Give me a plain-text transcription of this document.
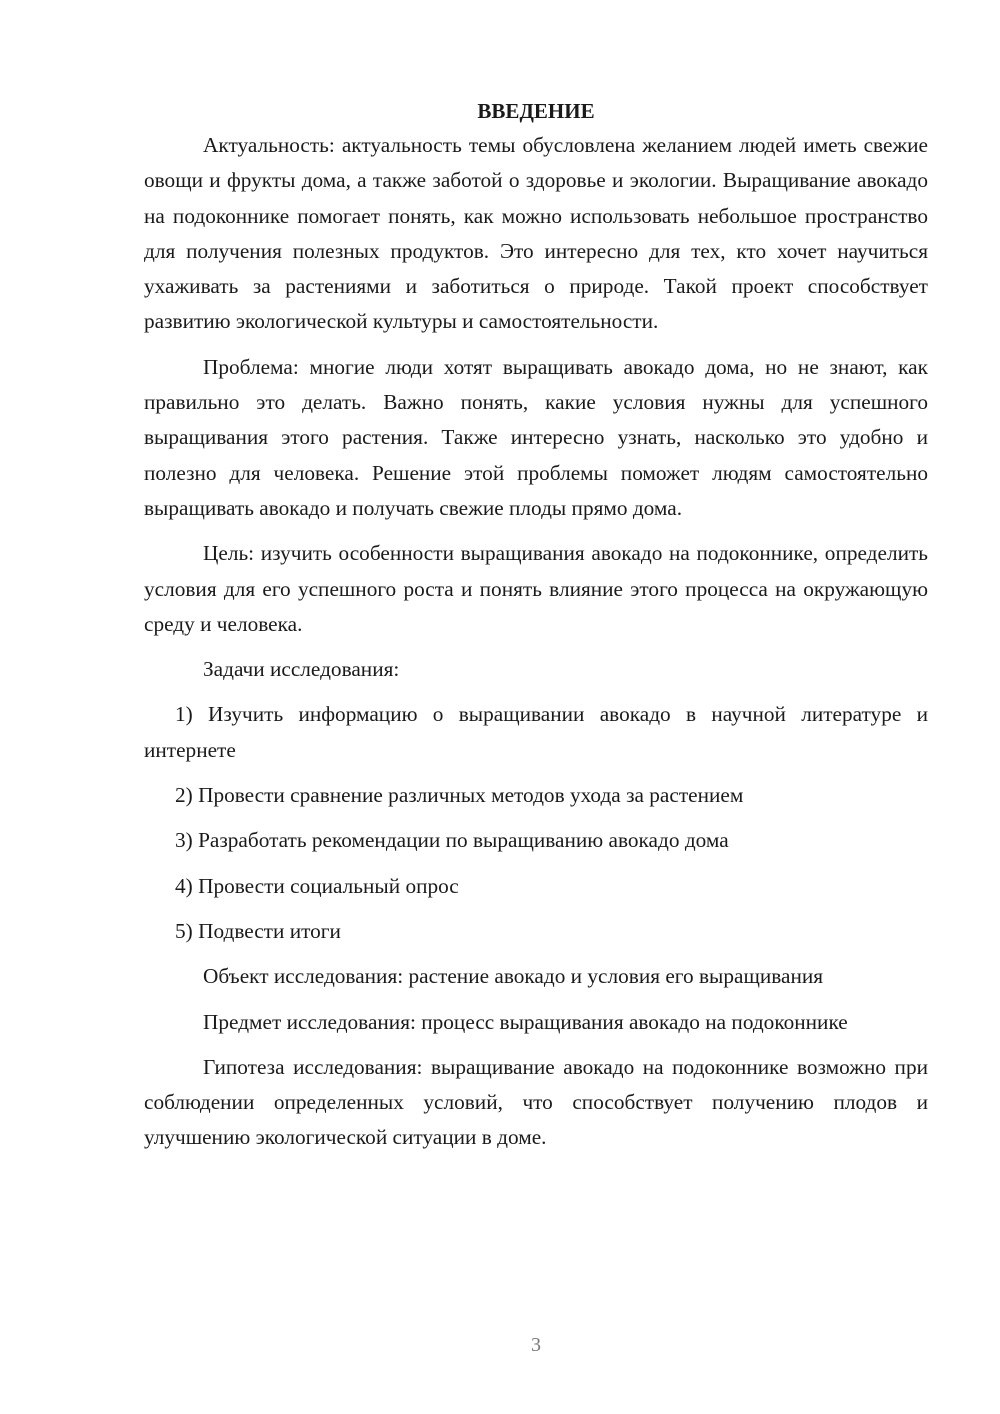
ВВЕДЕНИЕ

Актуальность: актуальность темы обусловлена желанием людей иметь свежие овощи и фрукты дома, а также заботой о здоровье и экологии. Выращивание авокадо на подоконнике помогает понять, как можно использовать небольшое пространство для получения полезных продуктов. Это интересно для тех, кто хочет научиться ухаживать за растениями и заботиться о природе. Такой проект способствует развитию экологической культуры и самостоятельности.

Проблема: многие люди хотят выращивать авокадо дома, но не знают, как правильно это делать. Важно понять, какие условия нужны для успешного выращивания этого растения. Также интересно узнать, насколько это удобно и полезно для человека. Решение этой проблемы поможет людям самостоятельно выращивать авокадо и получать свежие плоды прямо дома.

Цель: изучить особенности выращивания авокадо на подоконнике, определить условия для его успешного роста и понять влияние этого процесса на окружающую среду и человека.

Задачи исследования:

1) Изучить информацию о выращивании авокадо в научной литературе и интернете
2) Провести сравнение различных методов ухода за растением
3) Разработать рекомендации по выращиванию авокадо дома
4) Провести социальный опрос
5) Подвести итоги

Объект исследования: растение авокадо и условия его выращивания

Предмет исследования: процесс выращивания авокадо на подоконнике

Гипотеза исследования: выращивание авокадо на подоконнике возможно при соблюдении определенных условий, что способствует получению плодов и улучшению экологической ситуации в доме.

3
